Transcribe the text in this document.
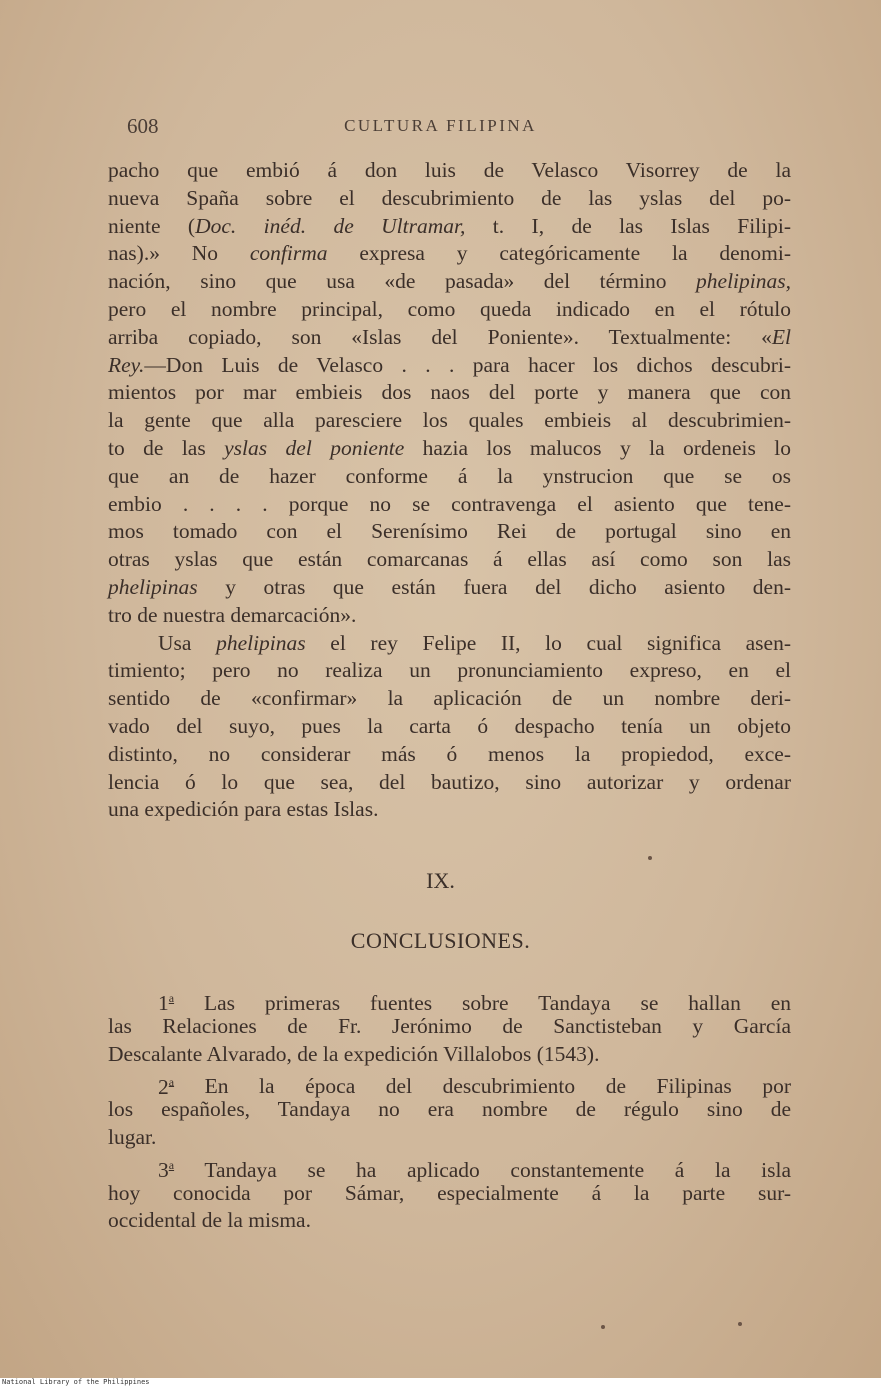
608	CULTURA FILIPINA
pacho que embió á don luis de Velasco Visorrey de la
nueva Spaña sobre el descubrimiento de las yslas del po-
niente (Doc. inéd. de Ultramar, t. I, de las Islas Filipi-
nas).» No confirma expresa y categóricamente la denomi-
nación, sino que usa «de pasada» del término phelipinas,
pero el nombre principal, como queda indicado en el rótulo
arriba copiado, son «Islas del Poniente». Textualmente: «El
Rey.—Don Luis de Velasco . . . para hacer los dichos descubri-
mientos por mar embieis dos naos del porte y manera que con
la gente que alla paresciere los quales embieis al descubrimien-
to de las yslas del poniente hazia los malucos y la ordeneis lo
que an de hazer conforme á la ynstrucion que se os
embio . . . . porque no se contravenga el asiento que tene-
mos tomado con el Serenísimo Rei de portugal sino en
otras yslas que están comarcanas á ellas así como son las
phelipinas y otras que están fuera del dicho asiento den-
tro de nuestra demarcación».
Usa phelipinas el rey Felipe II, lo cual significa asen-
timiento; pero no realiza un pronunciamiento expreso, en el
sentido de «confirmar» la aplicación de un nombre deri-
vado del suyo, pues la carta ó despacho tenía un objeto
distinto, no considerar más ó menos la propiedod, exce-
lencia ó lo que sea, del bautizo, sino autorizar y ordenar
una expedición para estas Islas.
IX.
CONCLUSIONES.
1$^a$ Las primeras fuentes sobre Tandaya se hallan en
las Relaciones de Fr. Jerónimo de Sanctisteban y García
Descalante Alvarado, de la expedición Villalobos (1543).
2$^a$ En la época del descubrimiento de Filipinas por
los españoles, Tandaya no era nombre de régulo sino de
lugar.
3$^a$ Tandaya se ha aplicado constantemente á la isla
hoy conocida por Sámar, especialmente á la parte sur-
occidental de la misma.
National Library of the Philippines
